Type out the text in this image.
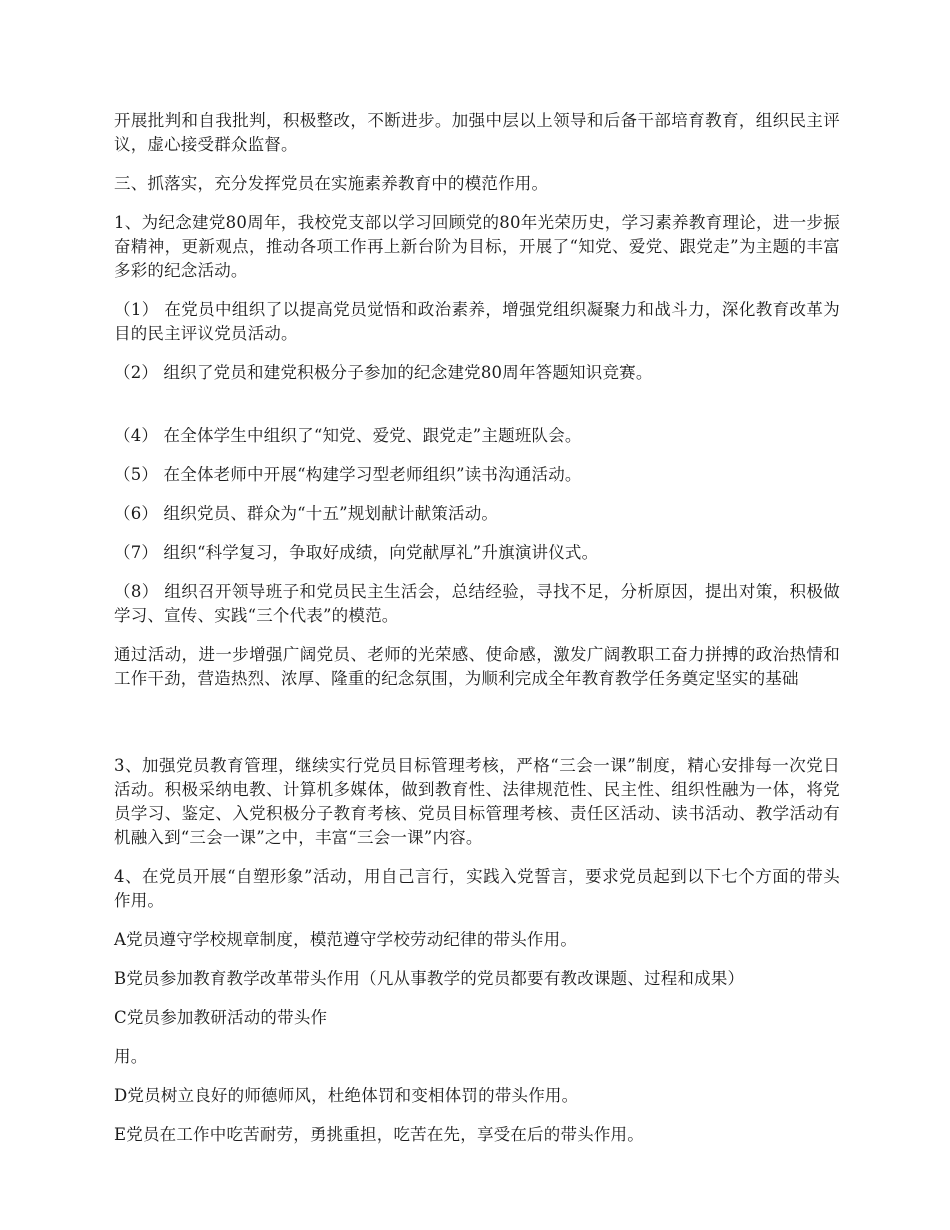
开展批判和自我批判，积极整改，不断进步。加强中层以上领导和后备干部培育教育，组织民主评议，虚心接受群众监督。

三、抓落实，充分发挥党员在实施素养教育中的模范作用。

1、为纪念建党80周年，我校党支部以学习回顾党的80年光荣历史，学习素养教育理论，进一步振奋精神，更新观点，推动各项工作再上新台阶为目标，开展了“知党、爱党、跟党走”为主题的丰富多彩的纪念活动。

（1） 在党员中组织了以提高党员觉悟和政治素养，增强党组织凝聚力和战斗力，深化教育改革为目的民主评议党员活动。

（2） 组织了党员和建党积极分子参加的纪念建党80周年答题知识竞赛。

（4） 在全体学生中组织了“知党、爱党、跟党走”主题班队会。

（5） 在全体老师中开展“构建学习型老师组织”读书沟通活动。

（6） 组织党员、群众为“十五”规划献计献策活动。

（7） 组织“科学复习，争取好成绩，向党献厚礼”升旗演讲仪式。

（8） 组织召开领导班子和党员民主生活会，总结经验，寻找不足，分析原因，提出对策，积极做学习、宣传、实践“三个代表”的模范。

通过活动，进一步增强广阔党员、老师的光荣感、使命感，激发广阔教职工奋力拼搏的政治热情和工作干劲，营造热烈、浓厚、隆重的纪念氛围，为顺利完成全年教育教学任务奠定坚实的基础

3、加强党员教育管理，继续实行党员目标管理考核，严格“三会一课”制度，精心安排每一次党日活动。积极采纳电教、计算机多媒体，做到教育性、法律规范性、民主性、组织性融为一体，将党员学习、鉴定、入党积极分子教育考核、党员目标管理考核、责任区活动、读书活动、教学活动有机融入到“三会一课”之中，丰富“三会一课”内容。

4、在党员开展“自塑形象”活动，用自己言行，实践入党誓言，要求党员起到以下七个方面的带头作用。

A党员遵守学校规章制度，模范遵守学校劳动纪律的带头作用。

B党员参加教育教学改革带头作用（凡从事教学的党员都要有教改课题、过程和成果）

C党员参加教研活动的带头作

用。

D党员树立良好的师德师风，杜绝体罚和变相体罚的带头作用。

E党员在工作中吃苦耐劳，勇挑重担，吃苦在先，享受在后的带头作用。
